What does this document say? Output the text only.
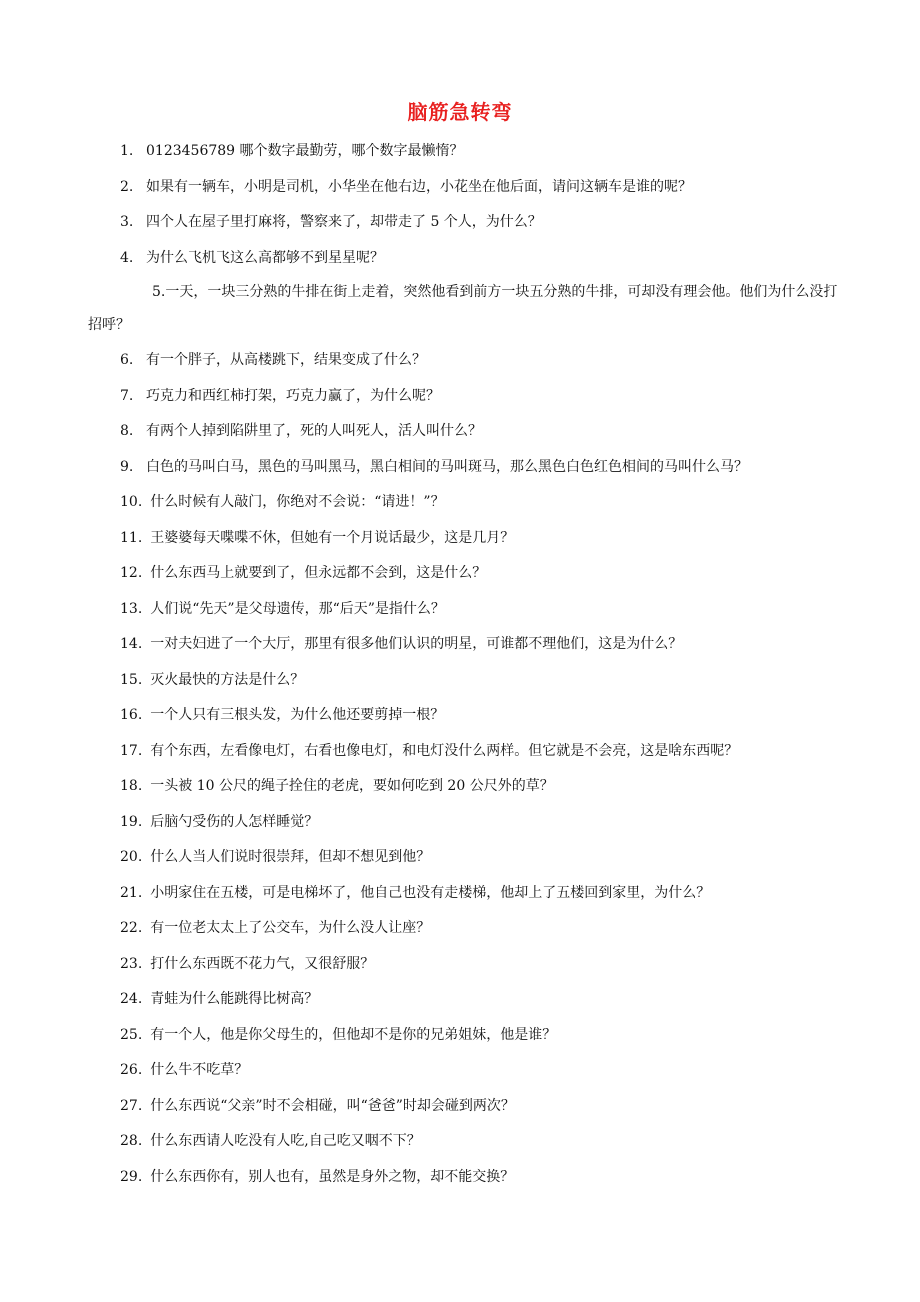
脑筋急转弯
1. 0123456789 哪个数字最勤劳，哪个数字最懒惰？
2. 如果有一辆车，小明是司机，小华坐在他右边，小花坐在他后面，请问这辆车是谁的呢？
3. 四个人在屋子里打麻将，警察来了，却带走了 5 个人，为什么？
4. 为什么飞机飞这么高都够不到星星呢？
5.一天，一块三分熟的牛排在街上走着，突然他看到前方一块五分熟的牛排，可却没有理会他。他们为什么没打招呼？
6. 有一个胖子，从高楼跳下，结果变成了什么？
7. 巧克力和西红柿打架，巧克力赢了，为什么呢？
8. 有两个人掉到陷阱里了，死的人叫死人，活人叫什么？
9. 白色的马叫白马，黑色的马叫黑马，黑白相间的马叫斑马，那么黑色白色红色相间的马叫什么马？
10. 什么时候有人敲门，你绝对不会说：“请进！”？
11. 王婆婆每天喋喋不休，但她有一个月说话最少，这是几月？
12. 什么东西马上就要到了，但永远都不会到，这是什么？
13. 人们说“先天”是父母遗传，那“后天”是指什么？
14. 一对夫妇进了一个大厅，那里有很多他们认识的明星，可谁都不理他们，这是为什么？
15. 灭火最快的方法是什么？
16. 一个人只有三根头发，为什么他还要剪掉一根？
17. 有个东西，左看像电灯，右看也像电灯，和电灯没什么两样。但它就是不会亮，这是啥东西呢？
18. 一头被 10 公尺的绳子拴住的老虎，要如何吃到 20 公尺外的草？
19. 后脑勺受伤的人怎样睡觉？
20. 什么人当人们说时很崇拜，但却不想见到他？
21. 小明家住在五楼，可是电梯坏了，他自己也没有走楼梯，他却上了五楼回到家里，为什么？
22. 有一位老太太上了公交车，为什么没人让座？
23. 打什么东西既不花力气，又很舒服？
24. 青蛙为什么能跳得比树高？
25. 有一个人，他是你父母生的，但他却不是你的兄弟姐妹，他是谁？
26. 什么牛不吃草？
27. 什么东西说“父亲”时不会相碰，叫“爸爸”时却会碰到两次？
28. 什么东西请人吃没有人吃,自己吃又咽不下？
29. 什么东西你有，别人也有，虽然是身外之物，却不能交换？
